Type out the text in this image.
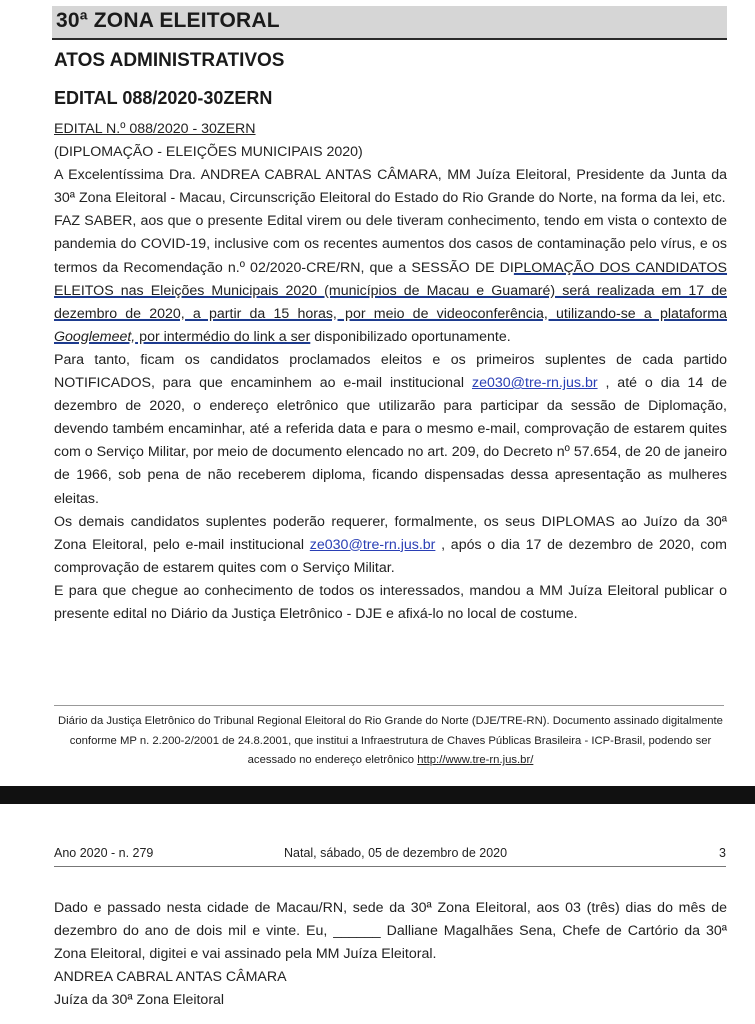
30ª ZONA ELEITORAL
ATOS ADMINISTRATIVOS
EDITAL 088/2020-30ZERN

EDITAL N.º 088/2020 - 30ZERN

(DIPLOMAÇÃO - ELEIÇÕES MUNICIPAIS 2020)

A Excelentíssima Dra. ANDREA CABRAL ANTAS CÂMARA, MM Juíza Eleitoral, Presidente da Junta da 30ª Zona Eleitoral - Macau, Circunscrição Eleitoral do Estado do Rio Grande do Norte, na forma da lei, etc.

FAZ SABER, aos que o presente Edital virem ou dele tiveram conhecimento, tendo em vista o contexto de pandemia do COVID-19, inclusive com os recentes aumentos dos casos de contaminação pelo vírus, e os termos da Recomendação n.º 02/2020-CRE/RN, que a SESSÃO DE DIPLOMAÇÃO DOS CANDIDATOS ELEITOS nas Eleições Municipais 2020 (municípios de Macau e Guamaré) será realizada em 17 de dezembro de 2020, a partir da 15 horas, por meio de videoconferência, utilizando-se a plataforma Googlemeet, por intermédio do link a ser disponibilizado oportunamente.

Para tanto, ficam os candidatos proclamados eleitos e os primeiros suplentes de cada partido NOTIFICADOS, para que encaminhem ao e-mail institucional ze030@tre-rn.jus.br , até o dia 14 de dezembro de 2020, o endereço eletrônico que utilizarão para participar da sessão de Diplomação, devendo também encaminhar, até a referida data e para o mesmo e-mail, comprovação de estarem quites com o Serviço Militar, por meio de documento elencado no art. 209, do Decreto nº 57.654, de 20 de janeiro de 1966, sob pena de não receberem diploma, ficando dispensadas dessa apresentação as mulheres eleitas.

Os demais candidatos suplentes poderão requerer, formalmente, os seus DIPLOMAS ao Juízo da 30ª Zona Eleitoral, pelo e-mail institucional ze030@tre-rn.jus.br , após o dia 17 de dezembro de 2020, com comprovação de estarem quites com o Serviço Militar.

E para que chegue ao conhecimento de todos os interessados, mandou a MM Juíza Eleitoral publicar o presente edital no Diário da Justiça Eletrônico - DJE e afixá-lo no local de costume.

Diário da Justiça Eletrônico do Tribunal Regional Eleitoral do Rio Grande do Norte (DJE/TRE-RN). Documento assinado digitalmente conforme MP n. 2.200-2/2001 de 24.8.2001, que institui a Infraestrutura de Chaves Públicas Brasileira - ICP-Brasil, podendo ser acessado no endereço eletrônico http://www.tre-rn.jus.br/
Ano 2020 - n. 279	Natal, sábado, 05 de dezembro de 2020	3

Dado e passado nesta cidade de Macau/RN, sede da 30ª Zona Eleitoral, aos 03 (três) dias do mês de dezembro do ano de dois mil e vinte. Eu, ______ Dalliane Magalhães Sena, Chefe de Cartório da 30ª Zona Eleitoral, digitei e vai assinado pela MM Juíza Eleitoral.

ANDREA CABRAL ANTAS CÂMARA

Juíza da 30ª Zona Eleitoral
